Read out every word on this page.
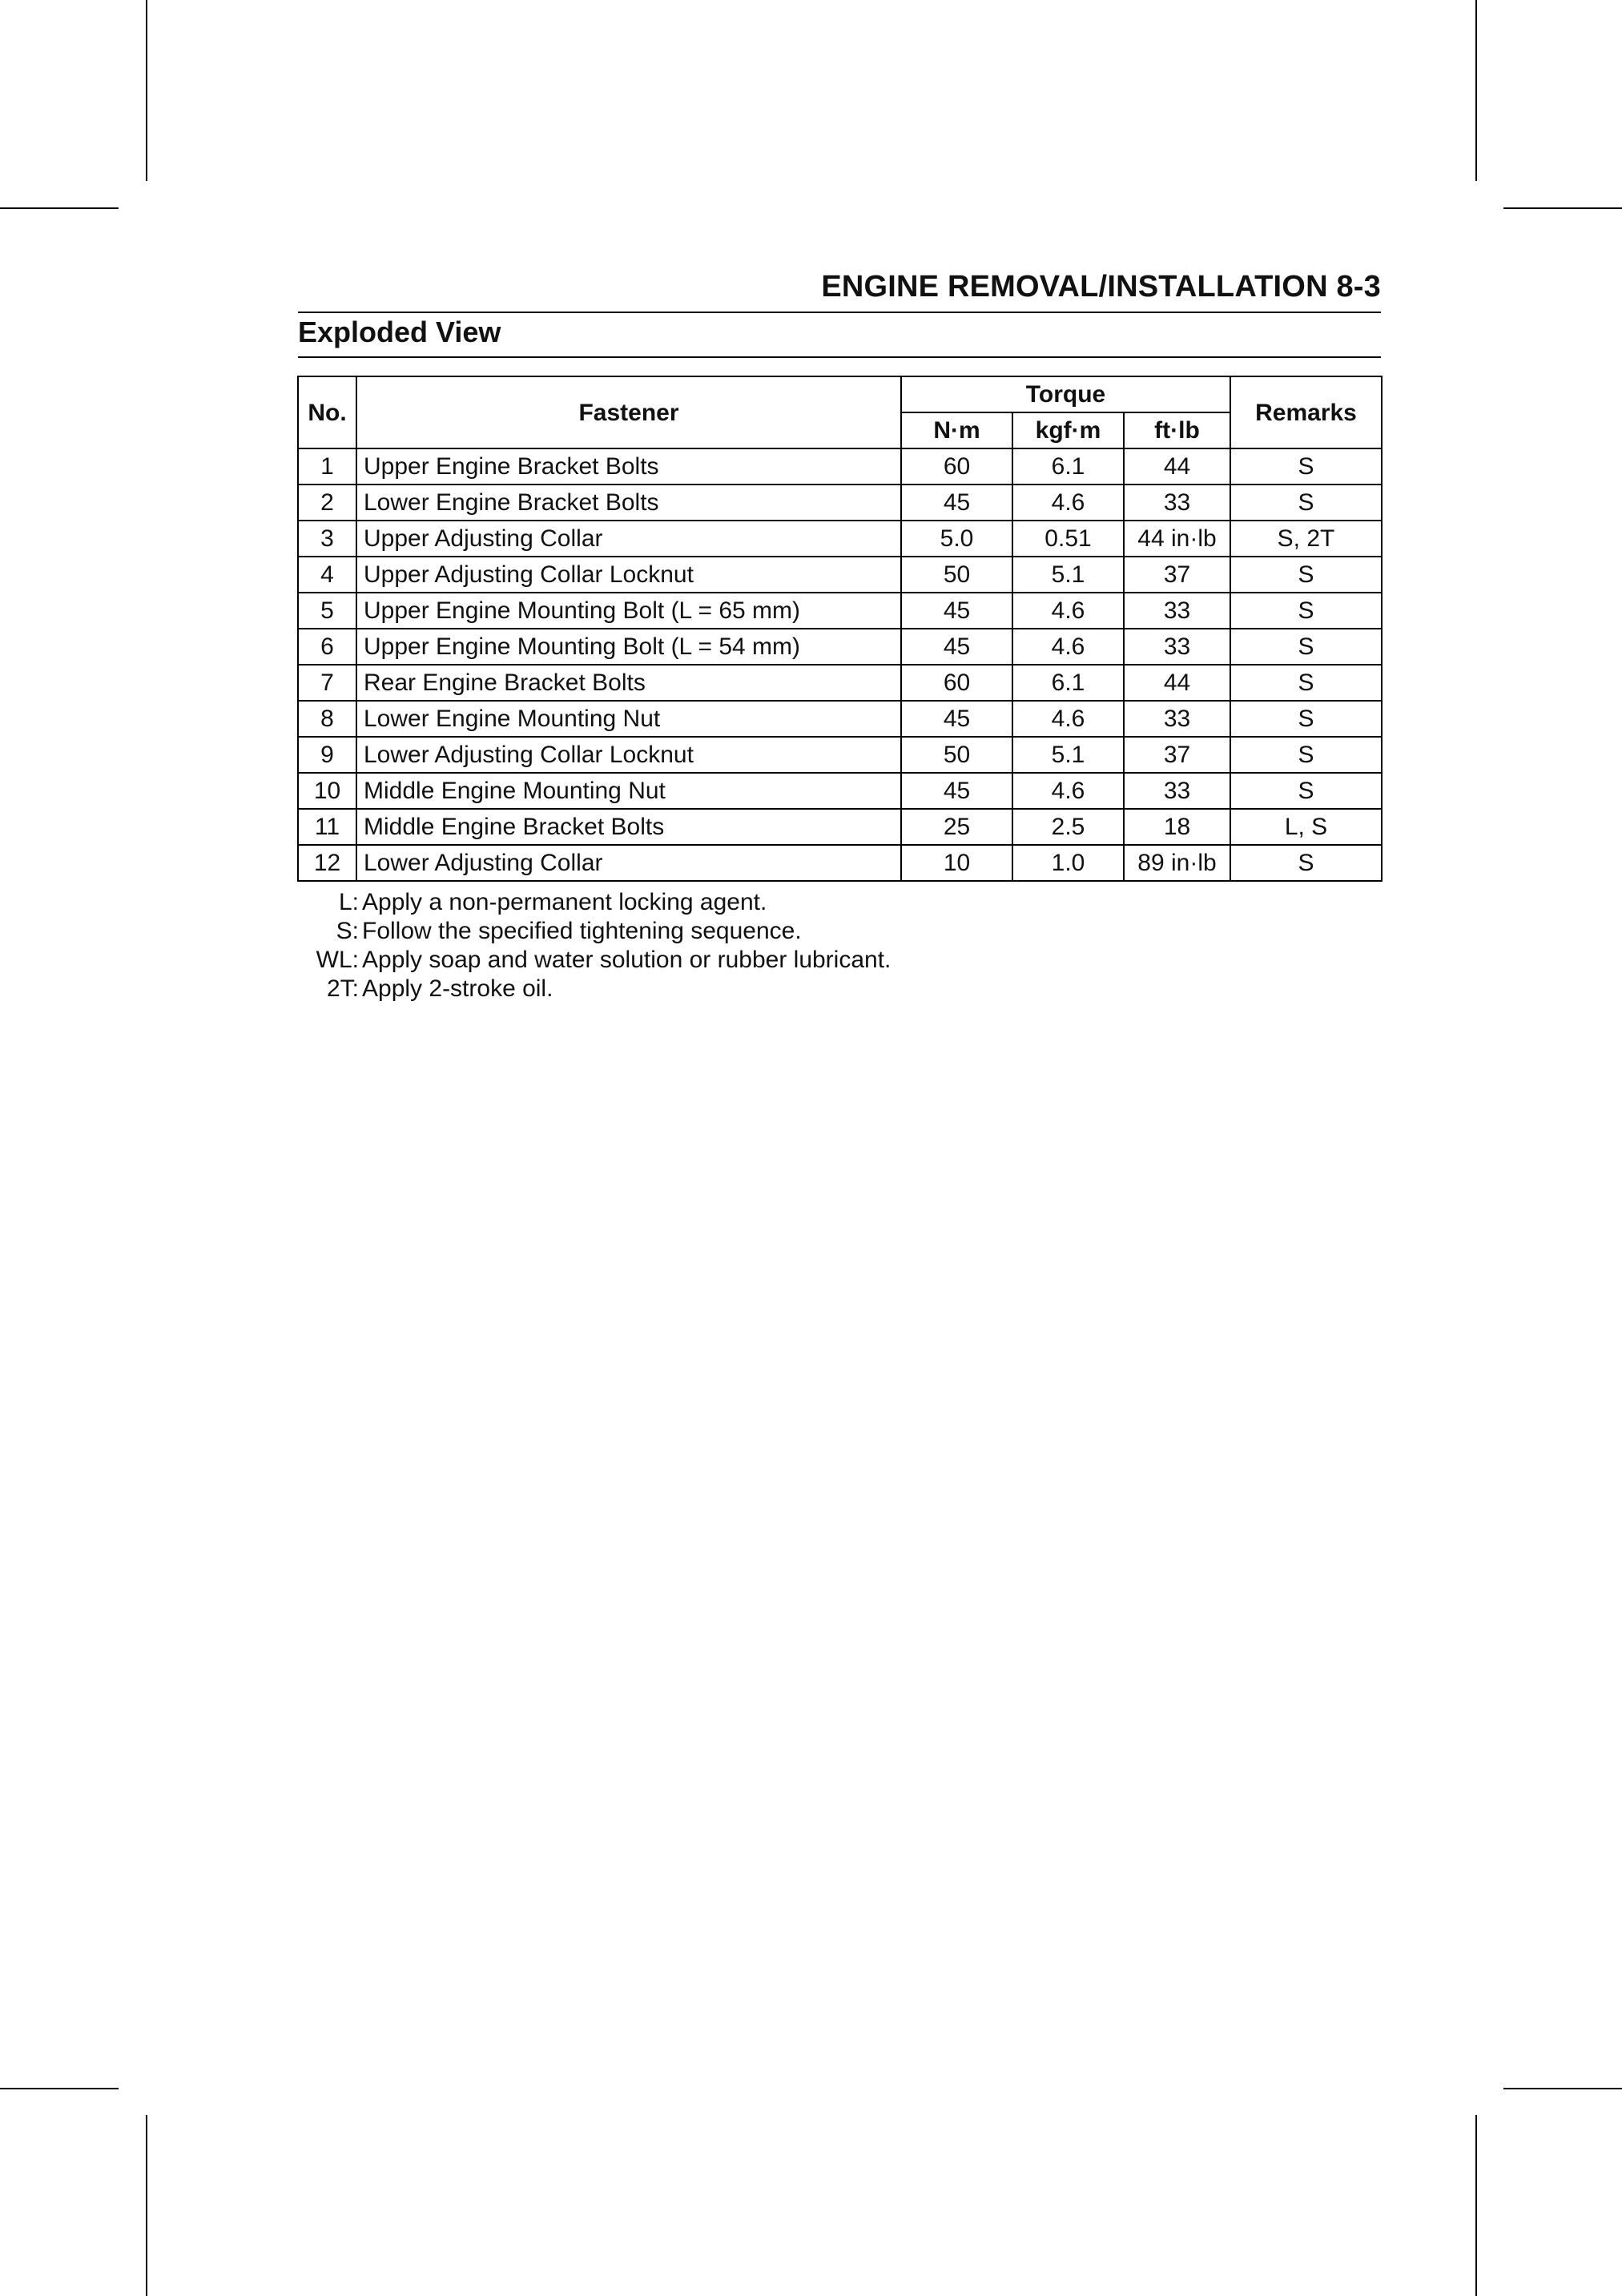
ENGINE REMOVAL/INSTALLATION 8-3
Exploded View
No.	Fastener	Torque			Remarks
		N·m	kgf·m	ft·lb	
1	Upper Engine Bracket Bolts	60	6.1	44	S
2	Lower Engine Bracket Bolts	45	4.6	33	S
3	Upper Adjusting Collar	5.0	0.51	44 in·lb	S, 2T
4	Upper Adjusting Collar Locknut	50	5.1	37	S
5	Upper Engine Mounting Bolt (L = 65 mm)	45	4.6	33	S
6	Upper Engine Mounting Bolt (L = 54 mm)	45	4.6	33	S
7	Rear Engine Bracket Bolts	60	6.1	44	S
8	Lower Engine Mounting Nut	45	4.6	33	S
9	Lower Adjusting Collar Locknut	50	5.1	37	S
10	Middle Engine Mounting Nut	45	4.6	33	S
11	Middle Engine Bracket Bolts	25	2.5	18	L, S
12	Lower Adjusting Collar	10	1.0	89 in·lb	S
L: Apply a non-permanent locking agent.
S: Follow the specified tightening sequence.
WL: Apply soap and water solution or rubber lubricant.
2T: Apply 2-stroke oil.
